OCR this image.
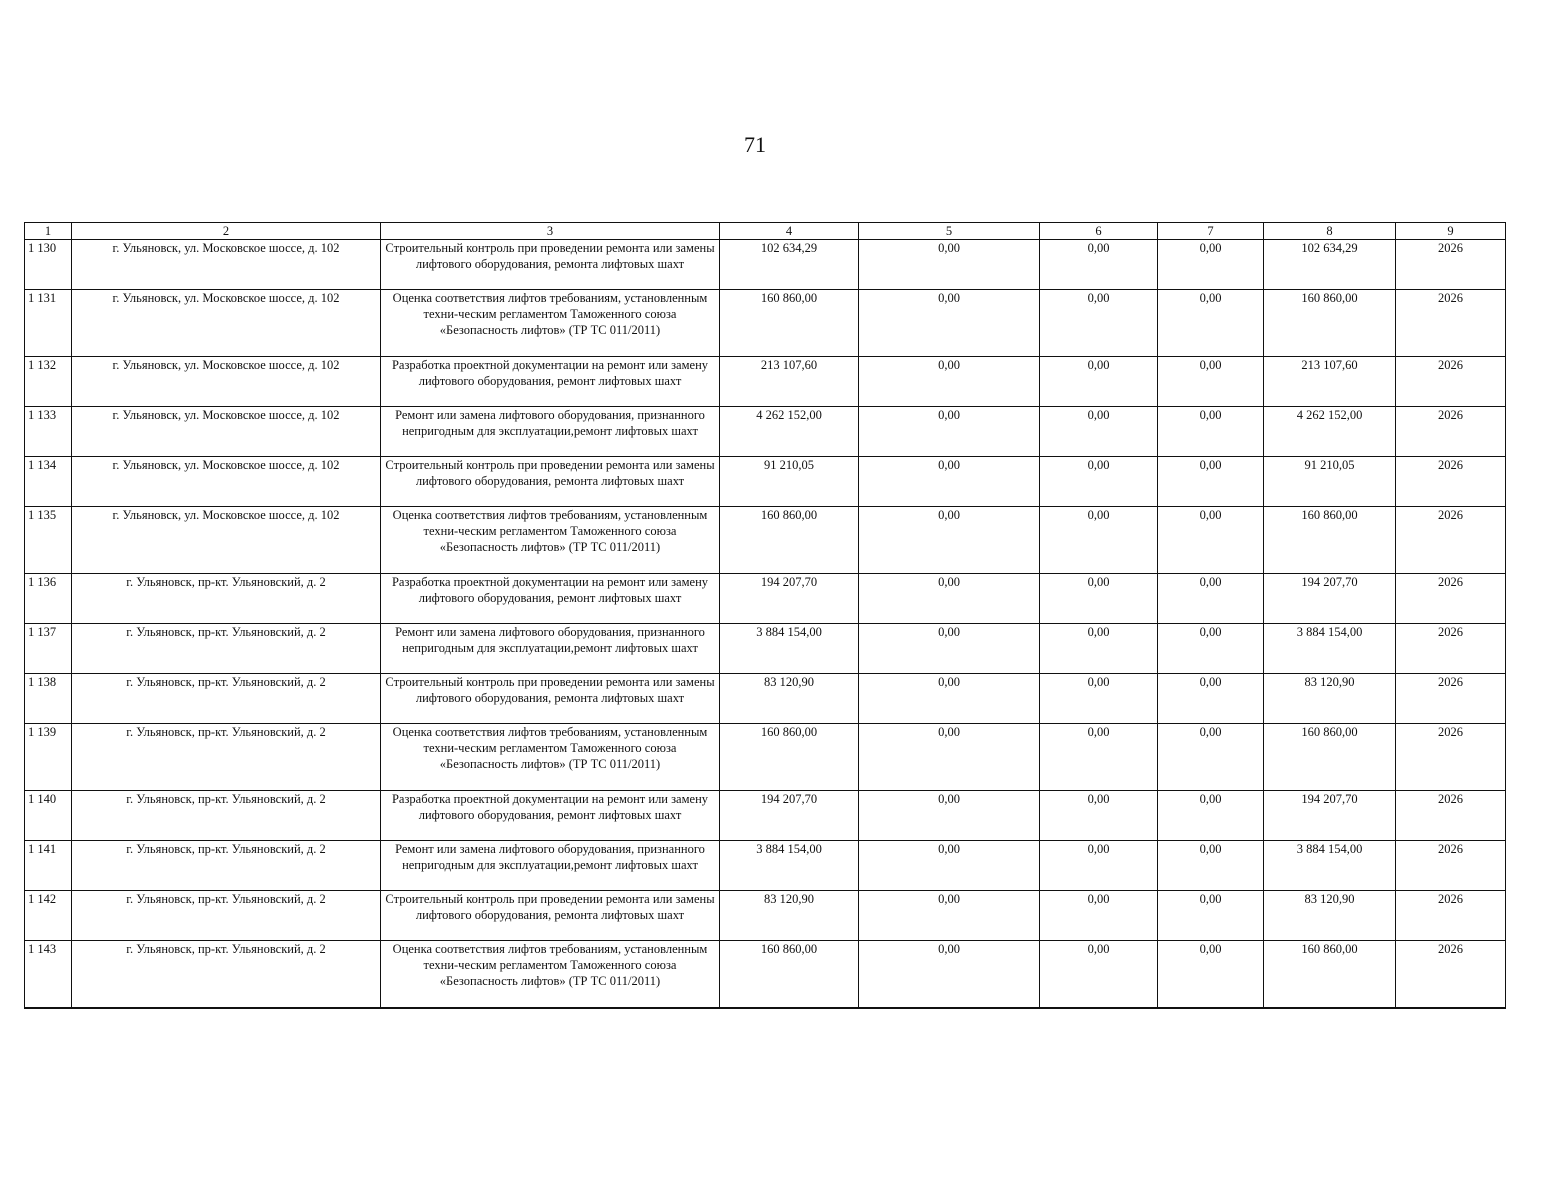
71
1	2	3	4	5	6	7	8	9
1 130	г. Ульяновск, ул. Московское шоссе, д. 102	Строительный контроль при проведении ремонта или замены лифтового оборудования, ремонта лифтовых шахт	102 634,29	0,00	0,00	0,00	102 634,29	2026
1 131	г. Ульяновск, ул. Московское шоссе, д. 102	Оценка соответствия лифтов требованиям, установленным техни-ческим регламентом Таможенного союза «Безопасность лифтов» (ТР ТС 011/2011)	160 860,00	0,00	0,00	0,00	160 860,00	2026
1 132	г. Ульяновск, ул. Московское шоссе, д. 102	Разработка проектной документации на ремонт или замену лифтового оборудования, ремонт лифтовых шахт	213 107,60	0,00	0,00	0,00	213 107,60	2026
1 133	г. Ульяновск, ул. Московское шоссе, д. 102	Ремонт или замена лифтового оборудования, признанного непригодным для эксплуатации,ремонт лифтовых шахт	4 262 152,00	0,00	0,00	0,00	4 262 152,00	2026
1 134	г. Ульяновск, ул. Московское шоссе, д. 102	Строительный контроль при проведении ремонта или замены лифтового оборудования, ремонта лифтовых шахт	91 210,05	0,00	0,00	0,00	91 210,05	2026
1 135	г. Ульяновск, ул. Московское шоссе, д. 102	Оценка соответствия лифтов требованиям, установленным техни-ческим регламентом Таможенного союза «Безопасность лифтов» (ТР ТС 011/2011)	160 860,00	0,00	0,00	0,00	160 860,00	2026
1 136	г. Ульяновск, пр-кт. Ульяновский, д. 2	Разработка проектной документации на ремонт или замену лифтового оборудования, ремонт лифтовых шахт	194 207,70	0,00	0,00	0,00	194 207,70	2026
1 137	г. Ульяновск, пр-кт. Ульяновский, д. 2	Ремонт или замена лифтового оборудования, признанного непригодным для эксплуатации,ремонт лифтовых шахт	3 884 154,00	0,00	0,00	0,00	3 884 154,00	2026
1 138	г. Ульяновск, пр-кт. Ульяновский, д. 2	Строительный контроль при проведении ремонта или замены лифтового оборудования, ремонта лифтовых шахт	83 120,90	0,00	0,00	0,00	83 120,90	2026
1 139	г. Ульяновск, пр-кт. Ульяновский, д. 2	Оценка соответствия лифтов требованиям, установленным техни-ческим регламентом Таможенного союза «Безопасность лифтов» (ТР ТС 011/2011)	160 860,00	0,00	0,00	0,00	160 860,00	2026
1 140	г. Ульяновск, пр-кт. Ульяновский, д. 2	Разработка проектной документации на ремонт или замену лифтового оборудования, ремонт лифтовых шахт	194 207,70	0,00	0,00	0,00	194 207,70	2026
1 141	г. Ульяновск, пр-кт. Ульяновский, д. 2	Ремонт или замена лифтового оборудования, признанного непригодным для эксплуатации,ремонт лифтовых шахт	3 884 154,00	0,00	0,00	0,00	3 884 154,00	2026
1 142	г. Ульяновск, пр-кт. Ульяновский, д. 2	Строительный контроль при проведении ремонта или замены лифтового оборудования, ремонта лифтовых шахт	83 120,90	0,00	0,00	0,00	83 120,90	2026
1 143	г. Ульяновск, пр-кт. Ульяновский, д. 2	Оценка соответствия лифтов требованиям, установленным техни-ческим регламентом Таможенного союза «Безопасность лифтов» (ТР ТС 011/2011)	160 860,00	0,00	0,00	0,00	160 860,00	2026
